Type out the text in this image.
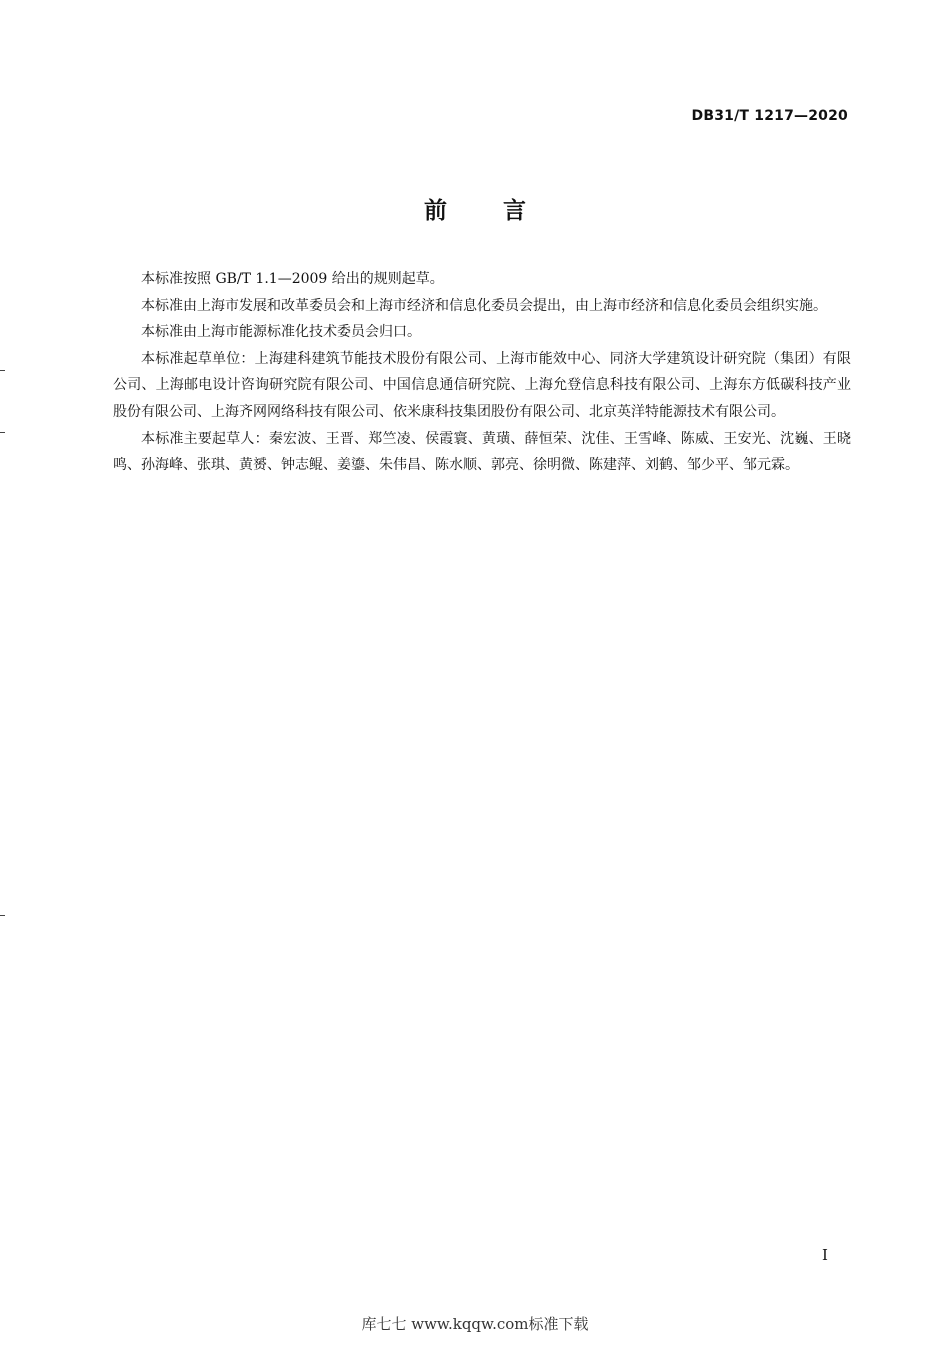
DB31/T 1217—2020
前言

本标准按照 GB/T 1.1—2009 给出的规则起草。

本标准由上海市发展和改革委员会和上海市经济和信息化委员会提出，由上海市经济和信息化委员会组织实施。

本标准由上海市能源标准化技术委员会归口。

本标准起草单位：上海建科建筑节能技术股份有限公司、上海市能效中心、同济大学建筑设计研究院（集团）有限公司、上海邮电设计咨询研究院有限公司、中国信息通信研究院、上海允登信息科技有限公司、上海东方低碳科技产业股份有限公司、上海齐网网络科技有限公司、依米康科技集团股份有限公司、北京英洋特能源技术有限公司。

本标准主要起草人：秦宏波、王晋、郑竺凌、侯霞寰、黄璜、薛恒荣、沈佳、王雪峰、陈威、王安光、沈巍、王晓鸣、孙海峰、张琪、黄赟、钟志鲲、姜鎏、朱伟昌、陈水顺、郭亮、徐明微、陈建萍、刘鹤、邹少平、邹元霖。

I
库七七 www.kqqw.com标准下载
